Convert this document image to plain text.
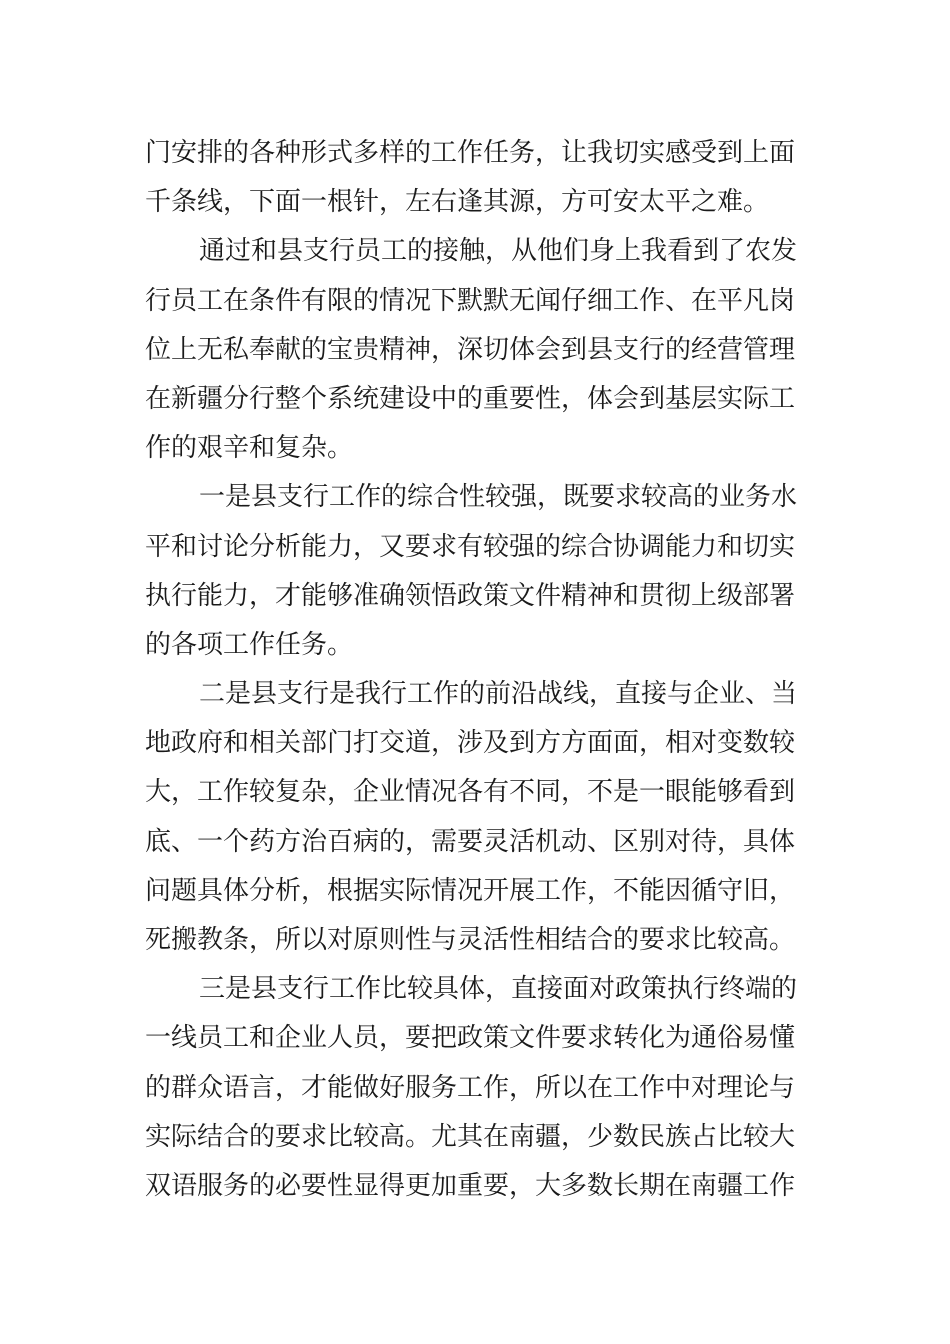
门安排的各种形式多样的工作任务，让我切实感受到上面
千条线，下面一根针，左右逢其源，方可安太平之难。
通过和县支行员工的接触，从他们身上我看到了农发
行员工在条件有限的情况下默默无闻仔细工作、在平凡岗
位上无私奉献的宝贵精神，深切体会到县支行的经营管理
在新疆分行整个系统建设中的重要性，体会到基层实际工
作的艰辛和复杂。
一是县支行工作的综合性较强，既要求较高的业务水
平和讨论分析能力，又要求有较强的综合协调能力和切实
执行能力，才能够准确领悟政策文件精神和贯彻上级部署
的各项工作任务。
二是县支行是我行工作的前沿战线，直接与企业、当
地政府和相关部门打交道，涉及到方方面面，相对变数较
大，工作较复杂，企业情况各有不同，不是一眼能够看到
底、一个药方治百病的，需要灵活机动、区别对待，具体
问题具体分析，根据实际情况开展工作，不能因循守旧，
死搬教条，所以对原则性与灵活性相结合的要求比较高。
三是县支行工作比较具体，直接面对政策执行终端的
一线员工和企业人员，要把政策文件要求转化为通俗易懂
的群众语言，才能做好服务工作，所以在工作中对理论与
实际结合的要求比较高。尤其在南疆，少数民族占比较大
双语服务的必要性显得更加重要，大多数长期在南疆工作
